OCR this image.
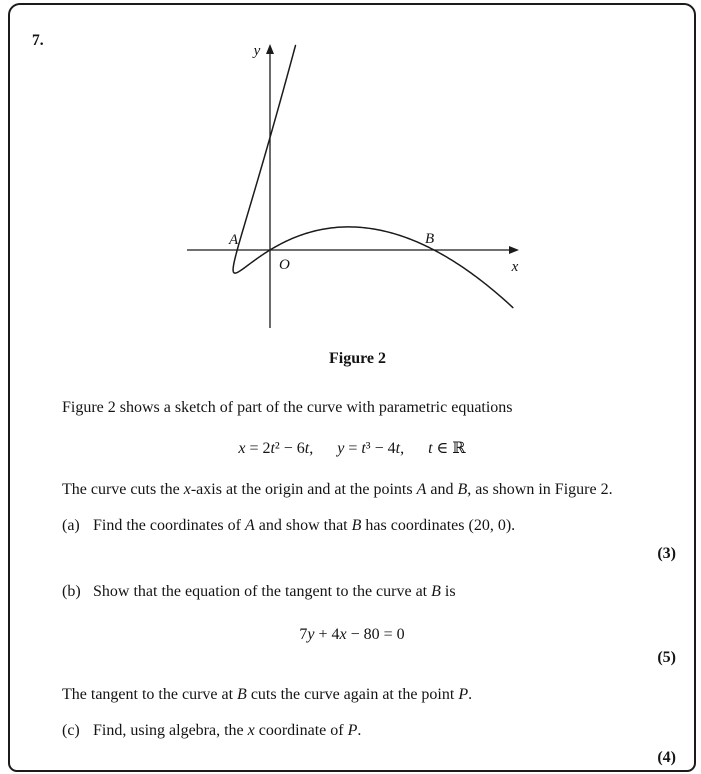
7.
y
x
O
A	B
Figure 2
Figure 2 shows a sketch of part of the curve with parametric equations
x = 2t² − 6t,  y = t³ − 4t,  t ∈ ℝ
The curve cuts the x-axis at the origin and at the points A and B, as shown in Figure 2.
(a) Find the coordinates of A and show that B has coordinates (20, 0).
(3)
(b) Show that the equation of the tangent to the curve at B is
7y + 4x − 80 = 0
(5)
The tangent to the curve at B cuts the curve again at the point P.
(c) Find, using algebra, the x coordinate of P.
(4)
